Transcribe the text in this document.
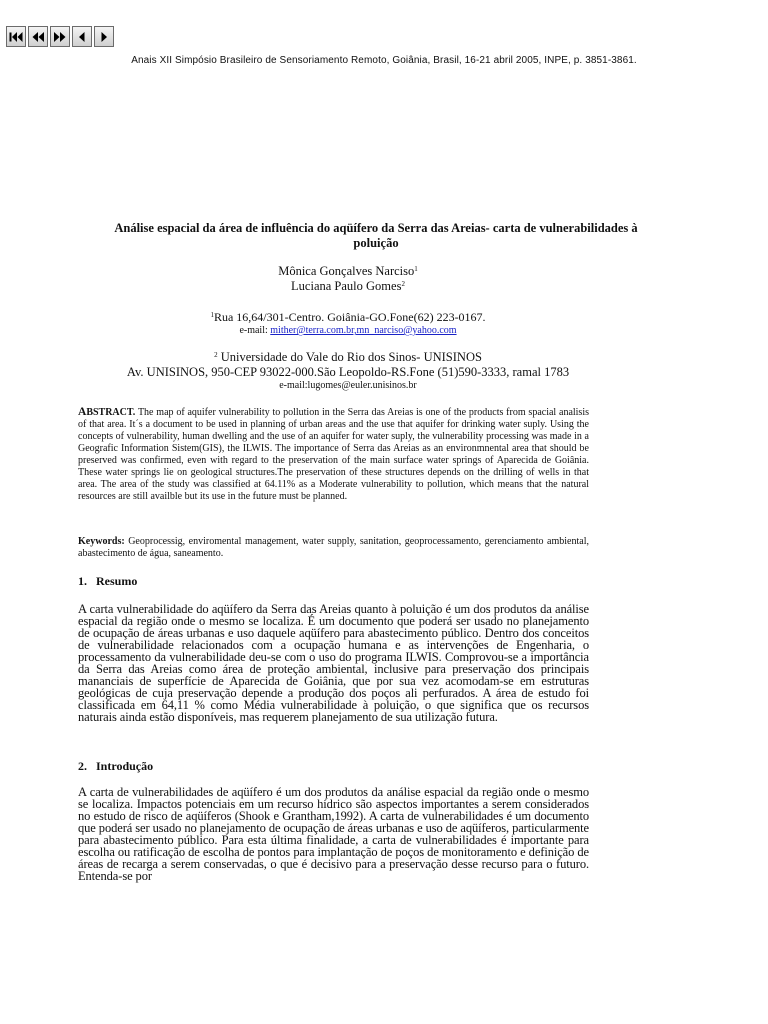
Anais XII Simpósio Brasileiro de Sensoriamento Remoto, Goiânia, Brasil, 16-21 abril 2005, INPE, p. 3851-3861.
Análise espacial da área de influência do aqüífero da Serra das Areias- carta de vulnerabilidades à poluição
Mônica Gonçalves Narciso$^1$
Luciana Paulo Gomes$^2$
$^1$Rua 16,64/301-Centro. Goiânia-GO.Fone(62) 223-0167.
e-mail: mither@terra.com.br,mn_narciso@yahoo.com
$^2$ Universidade do Vale do Rio dos Sinos- UNISINOS
Av. UNISINOS, 950-CEP 93022-000.São Leopoldo-RS.Fone (51)590-3333, ramal 1783
e-mail:lugomes@euler.unisinos.br

ABSTRACT. The map of aquifer vulnerability to pollution in the Serra das Areias is one of the products from spacial analisis of that area. It´s a document to be used in planning of urban areas and the use that aquifer for drinking water suply. Using the concepts of vulnerability, human dwelling and the use of an aquifer for water suply, the vulnerability processing was made in a Geografic Information Sistem(GIS), the ILWIS. The importance of Serra das Areias as an environmnental area that should be preserved was confirmed, even with regard to the preservation of the main surface water springs of Aparecida de Goiânia. These water springs lie on geological structures.The preservation of these structures depends on the drilling of wells in that area. The area of the study was classified at 64.11% as a Moderate vulnerability to pollution, which means that the natural resources are still availble but its use in the future must be planned.

Keywords: Geoprocessig, enviromental management, water supply, sanitation, geoprocessamento, gerenciamento ambiental, abastecimento de água, saneamento.

1.   Resumo

A carta vulnerabilidade do aqüífero da Serra das Areias quanto à poluição é um dos produtos da análise espacial da região onde o mesmo se localiza. É um documento que poderá ser usado no planejamento de ocupação de áreas urbanas e uso daquele aqüífero para abastecimento público. Dentro dos conceitos de vulnerabilidade relacionados com a ocupação humana e as intervenções de Engenharia, o processamento da vulnerabilidade deu-se com o uso do programa ILWIS. Comprovou-se a importância da Serra das Areias como área de proteção ambiental, inclusive para preservação dos principais mananciais de superfície de Aparecida de Goiânia, que por sua vez acomodam-se em estruturas geológicas de cuja preservação depende a produção dos poços ali perfurados. A área de estudo foi classificada em 64,11 % como Média vulnerabilidade à poluição, o que significa que os recursos naturais ainda estão disponíveis, mas requerem planejamento de sua utilização futura.

2.   Introdução

A carta de vulnerabilidades de aqüífero é um dos produtos da análise espacial da região onde o mesmo se localiza. Impactos potenciais em um recurso hídrico são aspectos importantes a serem considerados no estudo de risco de aqüíferos (Shook e Grantham,1992). A carta de vulnerabilidades é um documento que poderá ser usado no planejamento de ocupação de áreas urbanas e uso de aqüíferos, particularmente para abastecimento público. Para esta última finalidade, a carta de vulnerabilidades é importante para escolha ou ratificação de escolha de pontos para implantação de poços de monitoramento e definição de áreas de recarga a serem conservadas, o que é decisivo para a preservação desse recurso para o futuro. Entenda-se por
